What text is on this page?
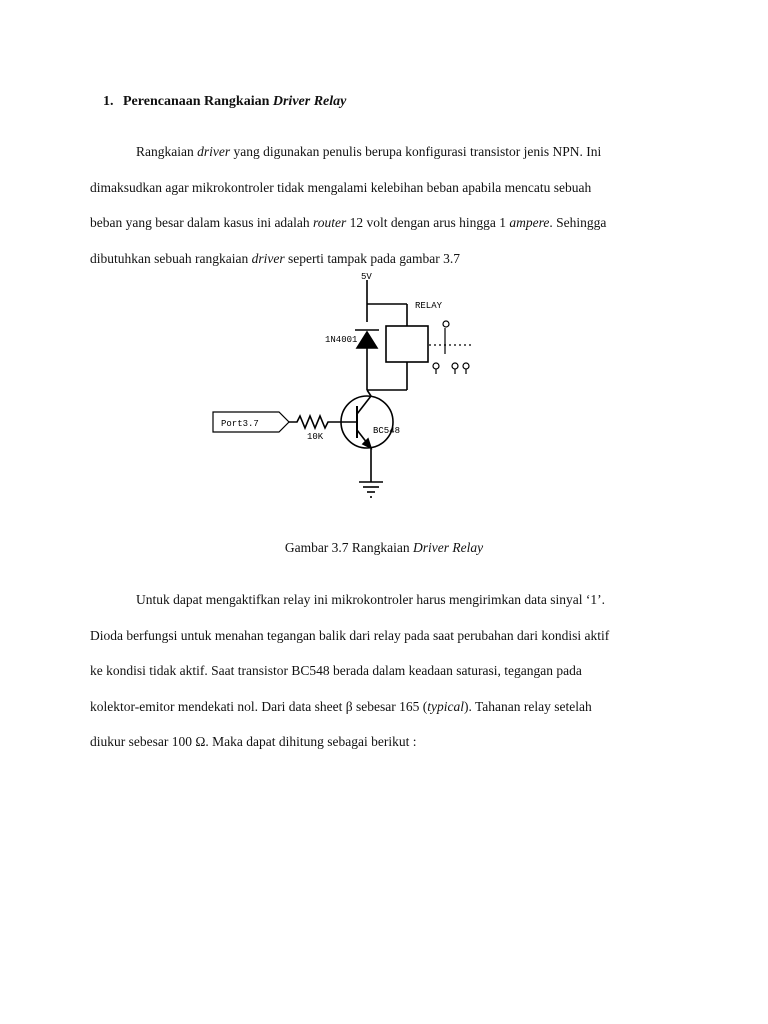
1. Perencanaan Rangkaian Driver Relay

Rangkaian driver yang digunakan penulis berupa konfigurasi transistor jenis NPN. Ini

dimaksudkan agar mikrokontroler tidak mengalami kelebihan beban apabila mencatu sebuah

beban yang besar dalam kasus ini adalah router 12 volt dengan arus hingga 1 ampere. Sehingga

dibutuhkan sebuah rangkaian driver seperti tampak pada gambar 3.7

5V
RELAY
1N4001
Port3.7
10K
BC548
Gambar 3.7 Rangkaian Driver Relay

Untuk dapat mengaktifkan relay ini mikrokontroler harus mengirimkan data sinyal ‘1’.

Dioda berfungsi untuk menahan tegangan balik dari relay pada saat perubahan dari kondisi aktif

ke kondisi tidak aktif. Saat transistor BC548 berada dalam keadaan saturasi, tegangan pada

kolektor-emitor mendekati nol. Dari data sheet β sebesar 165 (typical). Tahanan relay setelah

diukur sebesar 100 Ω. Maka dapat dihitung sebagai berikut :
